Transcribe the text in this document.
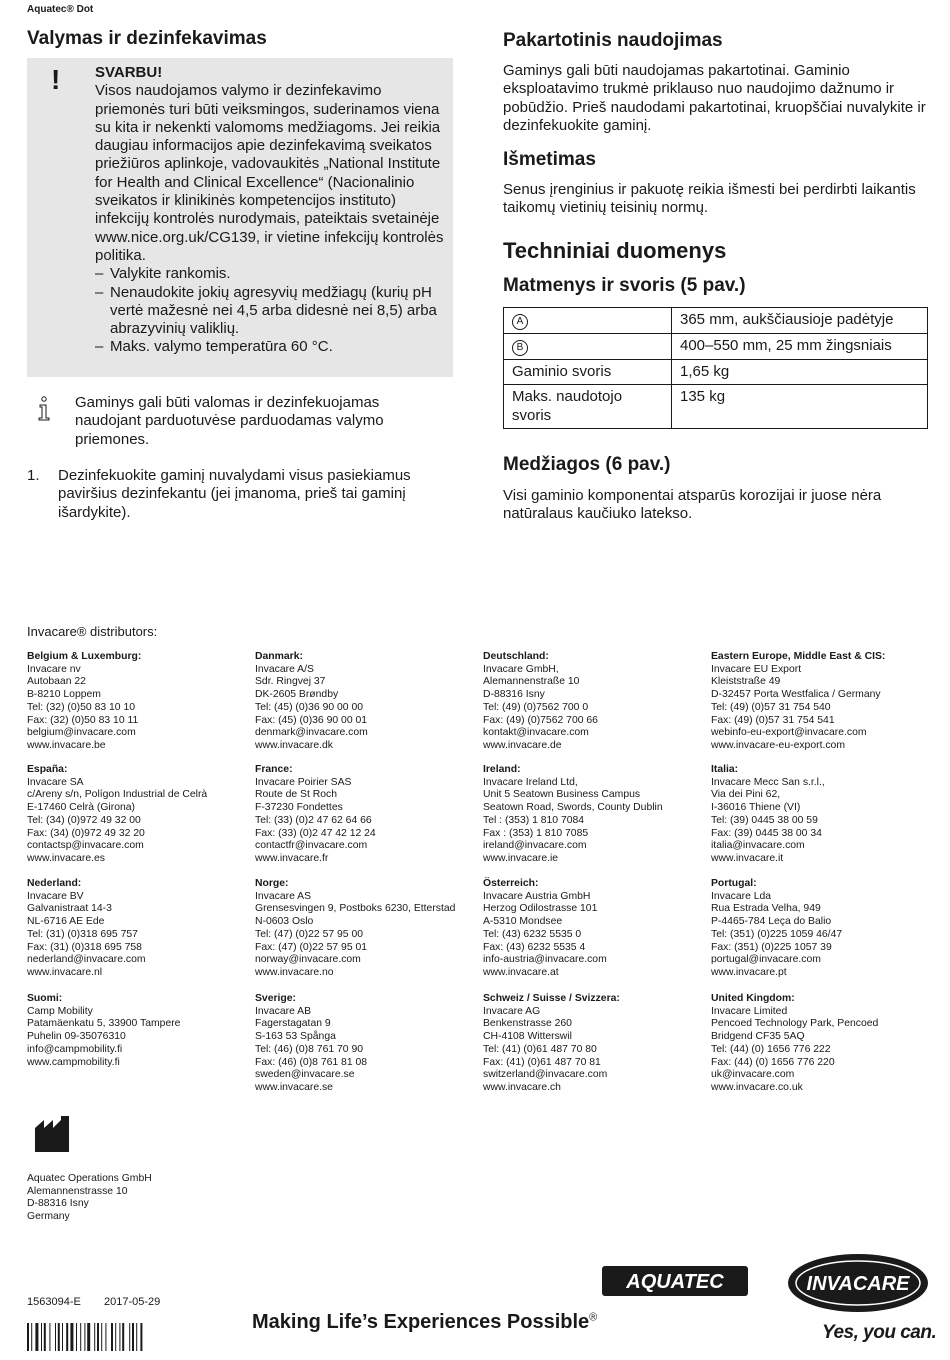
Aquatec® Dot
Valymas ir dezinfekavimas
! SVARBU!
Visos naudojamos valymo ir dezinfekavimo priemonės turi būti veiksmingos, suderinamos viena su kita ir nekenkti valomoms medžiagoms. Jei reikia daugiau informacijos apie dezinfekavimą sveikatos priežiūros aplinkoje, vadovaukitės „National Institute for Health and Clinical Excellence“ (Nacionalinio sveikatos ir klinikinės kompetencijos instituto) infekcijų kontrolės nurodymais, pateiktais svetainėje www.nice.org.uk/CG139, ir vietine infekcijų kontrolės politika.
– Valykite rankomis.
– Nenaudokite jokių agresyvių medžiagų (kurių pH vertė mažesnė nei 4,5 arba didesnė nei 8,5) arba abrazyvinių valiklių.
– Maks. valymo temperatūra 60 °C.
Gaminys gali būti valomas ir dezinfekuojamas naudojant parduotuvėse parduodamas valymo priemones.
1.	Dezinfekuokite gaminį nuvalydami visus pasiekiamus paviršius dezinfekantu (jei įmanoma, prieš tai gaminį išardykite).
Pakartotinis naudojimas
Gaminys gali būti naudojamas pakartotinai. Gaminio eksploatavimo trukmė priklauso nuo naudojimo dažnumo ir pobūdžio. Prieš naudodami pakartotinai, kruopščiai nuvalykite ir dezinfekuokite gaminį.
Išmetimas
Senus įrenginius ir pakuotę reikia išmesti bei perdirbti laikantis taikomų vietinių teisinių normų.
Techniniai duomenys
Matmenys ir svoris (5 pav.)
A	365 mm, aukščiausioje padėtyje
B	400–550 mm, 25 mm žingsniais
Gaminio svoris	1,65 kg
Maks. naudotojo svoris	135 kg
Medžiagos (6 pav.)
Visi gaminio komponentai atsparūs korozijai ir juose nėra natūralaus kaučiuko latekso.
Invacare® distributors:
Belgium & Luxemburg:
Invacare nv
Autobaan 22
B-8210 Loppem
Tel: (32) (0)50 83 10 10
Fax: (32) (0)50 83 10 11
belgium@invacare.com
www.invacare.be
Danmark:
Invacare A/S
Sdr. Ringvej 37
DK-2605 Brøndby
Tel: (45) (0)36 90 00 00
Fax: (45) (0)36 90 00 01
denmark@invacare.com
www.invacare.dk
Deutschland:
Invacare GmbH,
Alemannenstraße 10
D-88316 Isny
Tel: (49) (0)7562 700 0
Fax: (49) (0)7562 700 66
kontakt@invacare.com
www.invacare.de
Eastern Europe, Middle East & CIS:
Invacare EU Export
Kleiststraße 49
D-32457 Porta Westfalica / Germany
Tel: (49) (0)57 31 754 540
Fax: (49) (0)57 31 754 541
webinfo-eu-export@invacare.com
www.invacare-eu-export.com
España:
Invacare SA
c/Areny s/n, Polígon Industrial de Celrà
E-17460 Celrà (Girona)
Tel: (34) (0)972 49 32 00
Fax: (34) (0)972 49 32 20
contactsp@invacare.com
www.invacare.es
France:
Invacare Poirier SAS
Route de St Roch
F-37230 Fondettes
Tel: (33) (0)2 47 62 64 66
Fax: (33) (0)2 47 42 12 24
contactfr@invacare.com
www.invacare.fr
Ireland:
Invacare Ireland Ltd,
Unit 5 Seatown Business Campus
Seatown Road, Swords, County Dublin
Tel : (353) 1 810 7084
Fax : (353) 1 810 7085
ireland@invacare.com
www.invacare.ie
Italia:
Invacare Mecc San s.r.l.,
Via dei Pini 62,
I-36016 Thiene (VI)
Tel: (39) 0445 38 00 59
Fax: (39) 0445 38 00 34
italia@invacare.com
www.invacare.it
Nederland:
Invacare BV
Galvanistraat 14-3
NL-6716 AE Ede
Tel: (31) (0)318 695 757
Fax: (31) (0)318 695 758
nederland@invacare.com
www.invacare.nl
Norge:
Invacare AS
Grensesvingen 9, Postboks 6230, Etterstad
N-0603 Oslo
Tel: (47) (0)22 57 95 00
Fax: (47) (0)22 57 95 01
norway@invacare.com
www.invacare.no
Österreich:
Invacare Austria GmbH
Herzog Odilostrasse 101
A-5310 Mondsee
Tel: (43) 6232 5535 0
Fax: (43) 6232 5535 4
info-austria@invacare.com
www.invacare.at
Portugal:
Invacare Lda
Rua Estrada Velha, 949
P-4465-784 Leça do Balio
Tel: (351) (0)225 1059 46/47
Fax: (351) (0)225 1057 39
portugal@invacare.com
www.invacare.pt
Suomi:
Camp Mobility
Patamäenkatu 5, 33900 Tampere
Puhelin 09-35076310
info@campmobility.fi
www.campmobility.fi
Sverige:
Invacare AB
Fagerstagatan 9
S-163 53 Spånga
Tel: (46) (0)8 761 70 90
Fax: (46) (0)8 761 81 08
sweden@invacare.se
www.invacare.se
Schweiz / Suisse / Svizzera:
Invacare AG
Benkenstrasse 260
CH-4108 Witterswil
Tel: (41) (0)61 487 70 80
Fax: (41) (0)61 487 70 81
switzerland@invacare.com
www.invacare.ch
United Kingdom:
Invacare Limited
Pencoed Technology Park, Pencoed
Bridgend CF35 5AQ
Tel: (44) (0) 1656 776 222
Fax: (44) (0) 1656 776 220
uk@invacare.com
www.invacare.co.uk
Aquatec Operations GmbH
Alemannenstrasse 10
D-88316 Isny
Germany
1563094-E 2017-05-29
Making Life’s Experiences Possible®
AQUATEC	INVACARE
Yes, you can.
